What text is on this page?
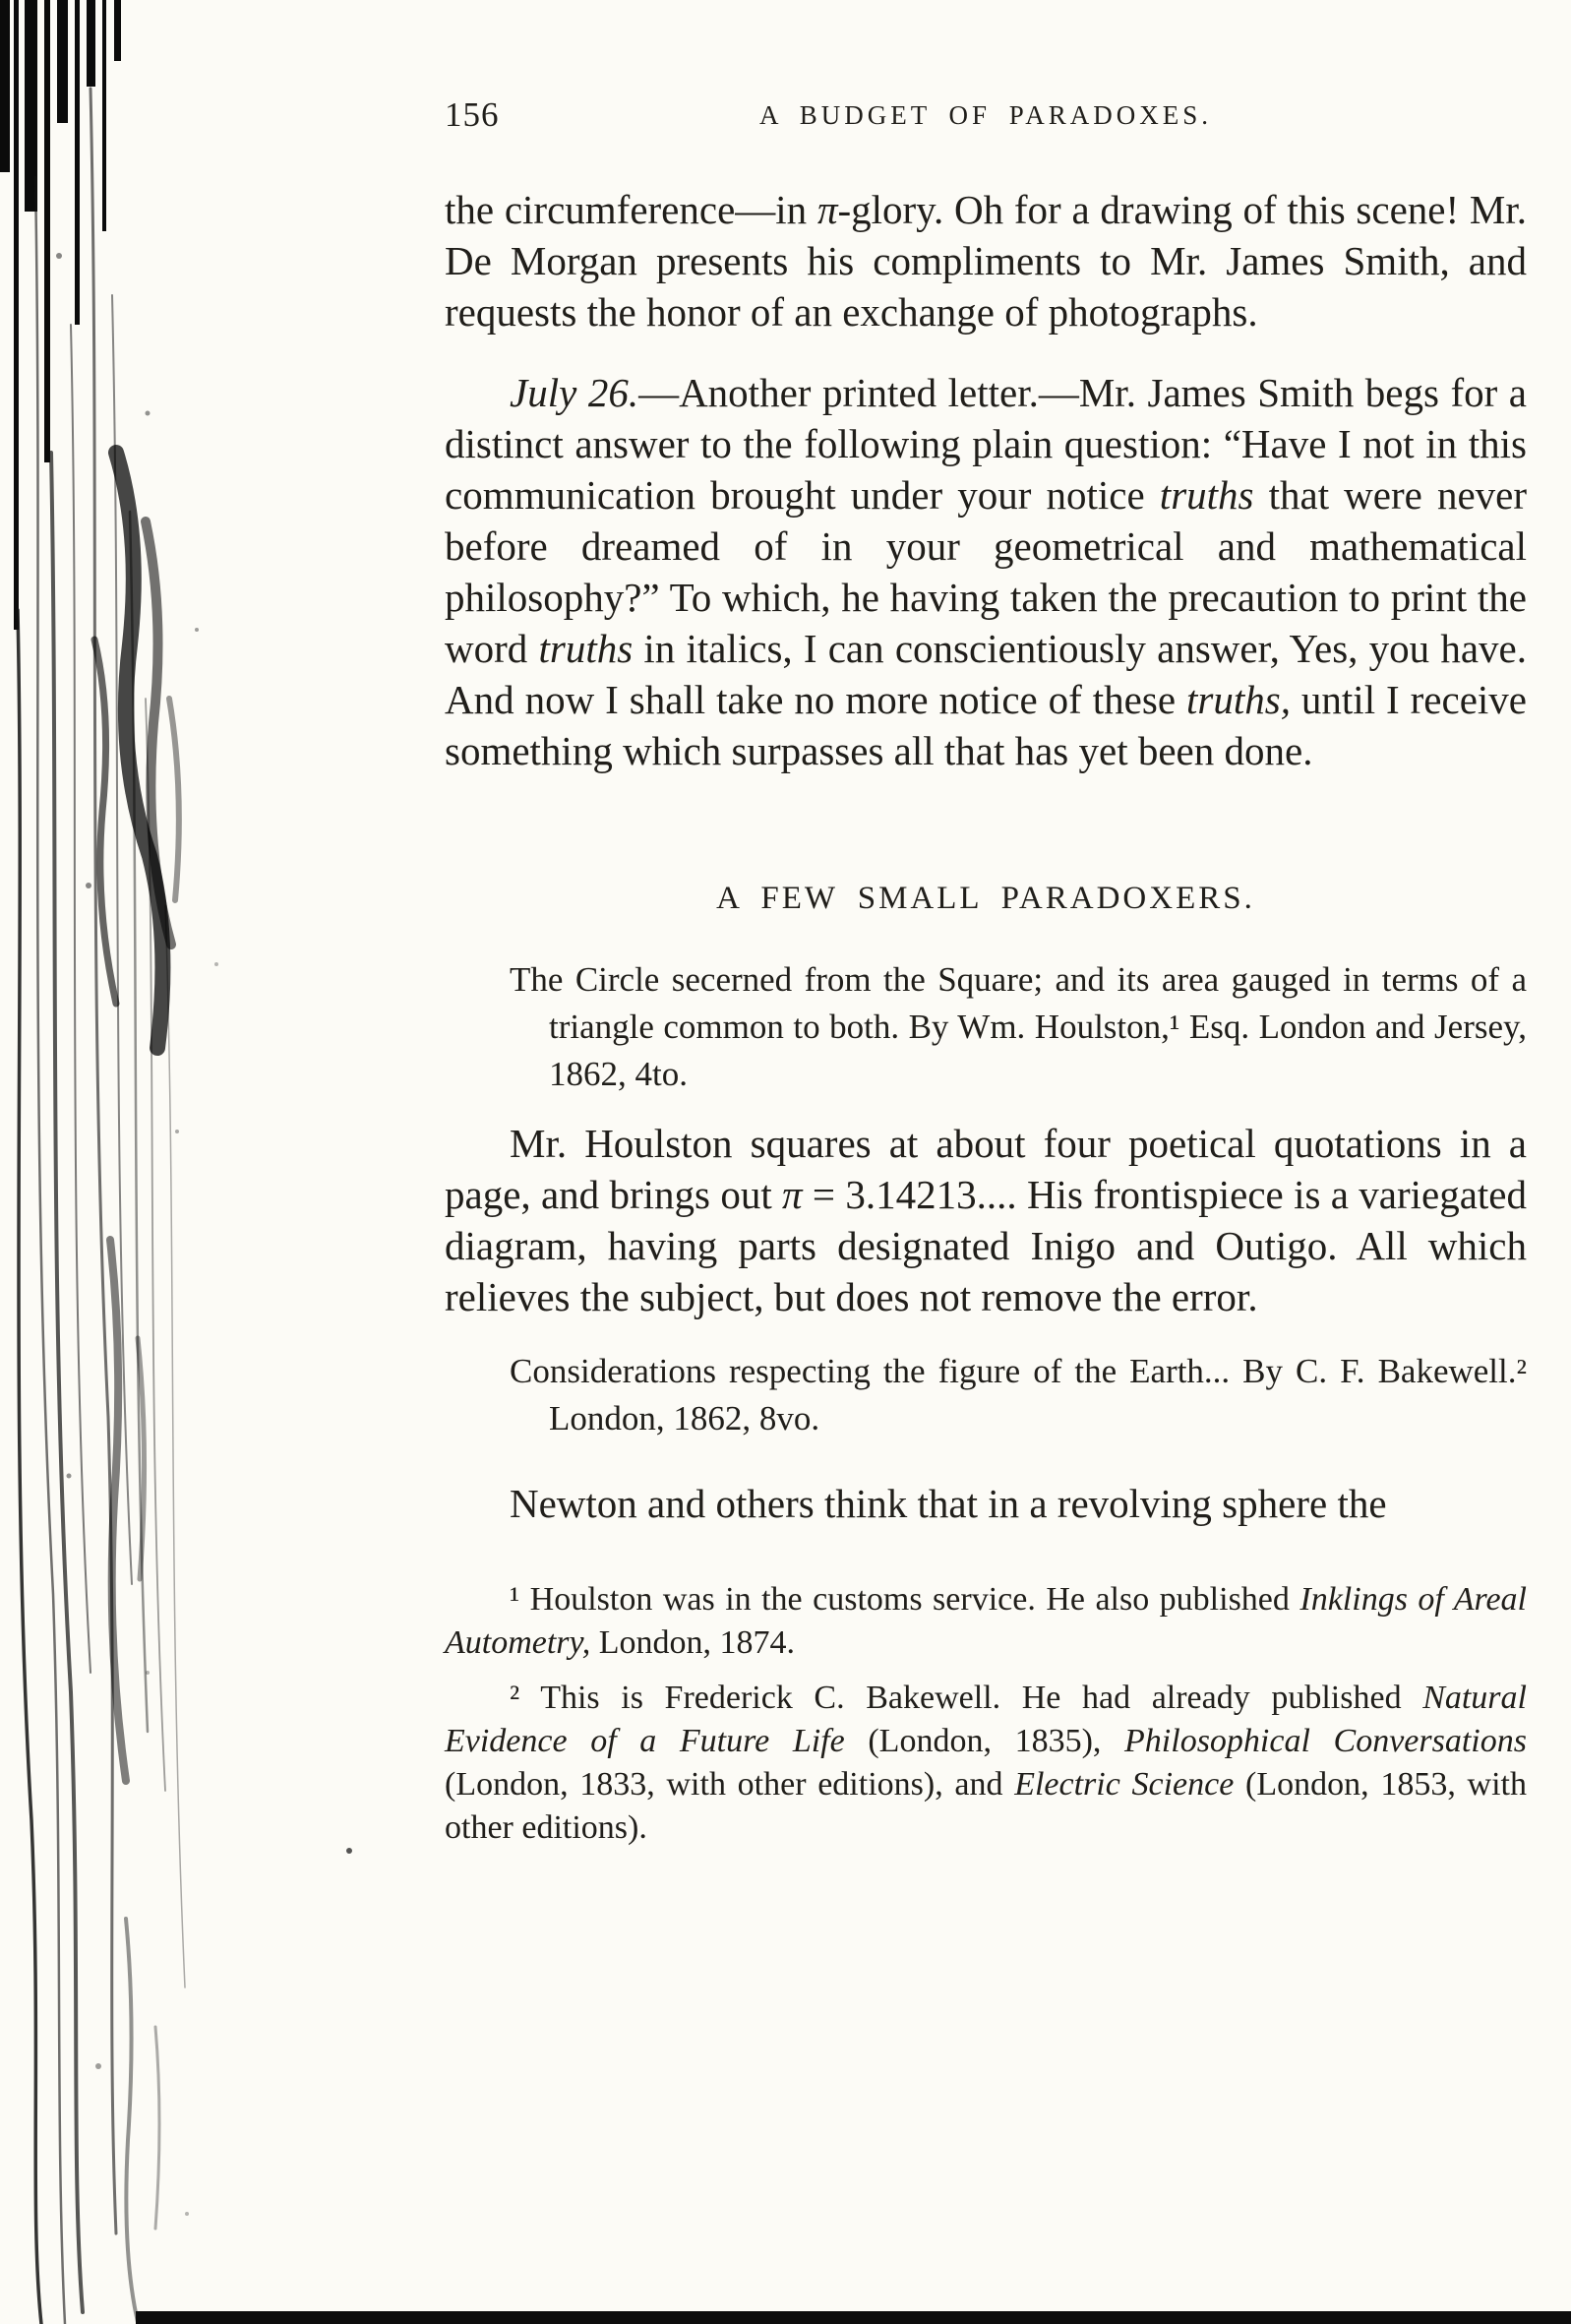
156	A BUDGET OF PARADOXES.

the circumference—in π-glory. Oh for a drawing of this scene! Mr. De Morgan presents his compliments to Mr. James Smith, and requests the honor of an exchange of photographs.

July 26.—Another printed letter.—Mr. James Smith begs for a distinct answer to the following plain question: “Have I not in this communication brought under your notice truths that were never before dreamed of in your geometrical and mathematical philosophy?” To which, he having taken the precaution to print the word truths in italics, I can conscientiously answer, Yes, you have. And now I shall take no more notice of these truths, until I receive something which surpasses all that has yet been done.

A FEW SMALL PARADOXERS.

The Circle secerned from the Square; and its area gauged in terms of a triangle common to both. By Wm. Houlston,¹ Esq. London and Jersey, 1862, 4to.

Mr. Houlston squares at about four poetical quotations in a page, and brings out π = 3.14213.... His frontispiece is a variegated diagram, having parts designated Inigo and Outigo. All which relieves the subject, but does not remove the error.

Considerations respecting the figure of the Earth... By C. F. Bakewell.² London, 1862, 8vo.

Newton and others think that in a revolving sphere the

¹ Houlston was in the customs service. He also published Inklings of Areal Autometry, London, 1874.

² This is Frederick C. Bakewell. He had already published Natural Evidence of a Future Life (London, 1835), Philosophical Conversations (London, 1833, with other editions), and Electric Science (London, 1853, with other editions).
